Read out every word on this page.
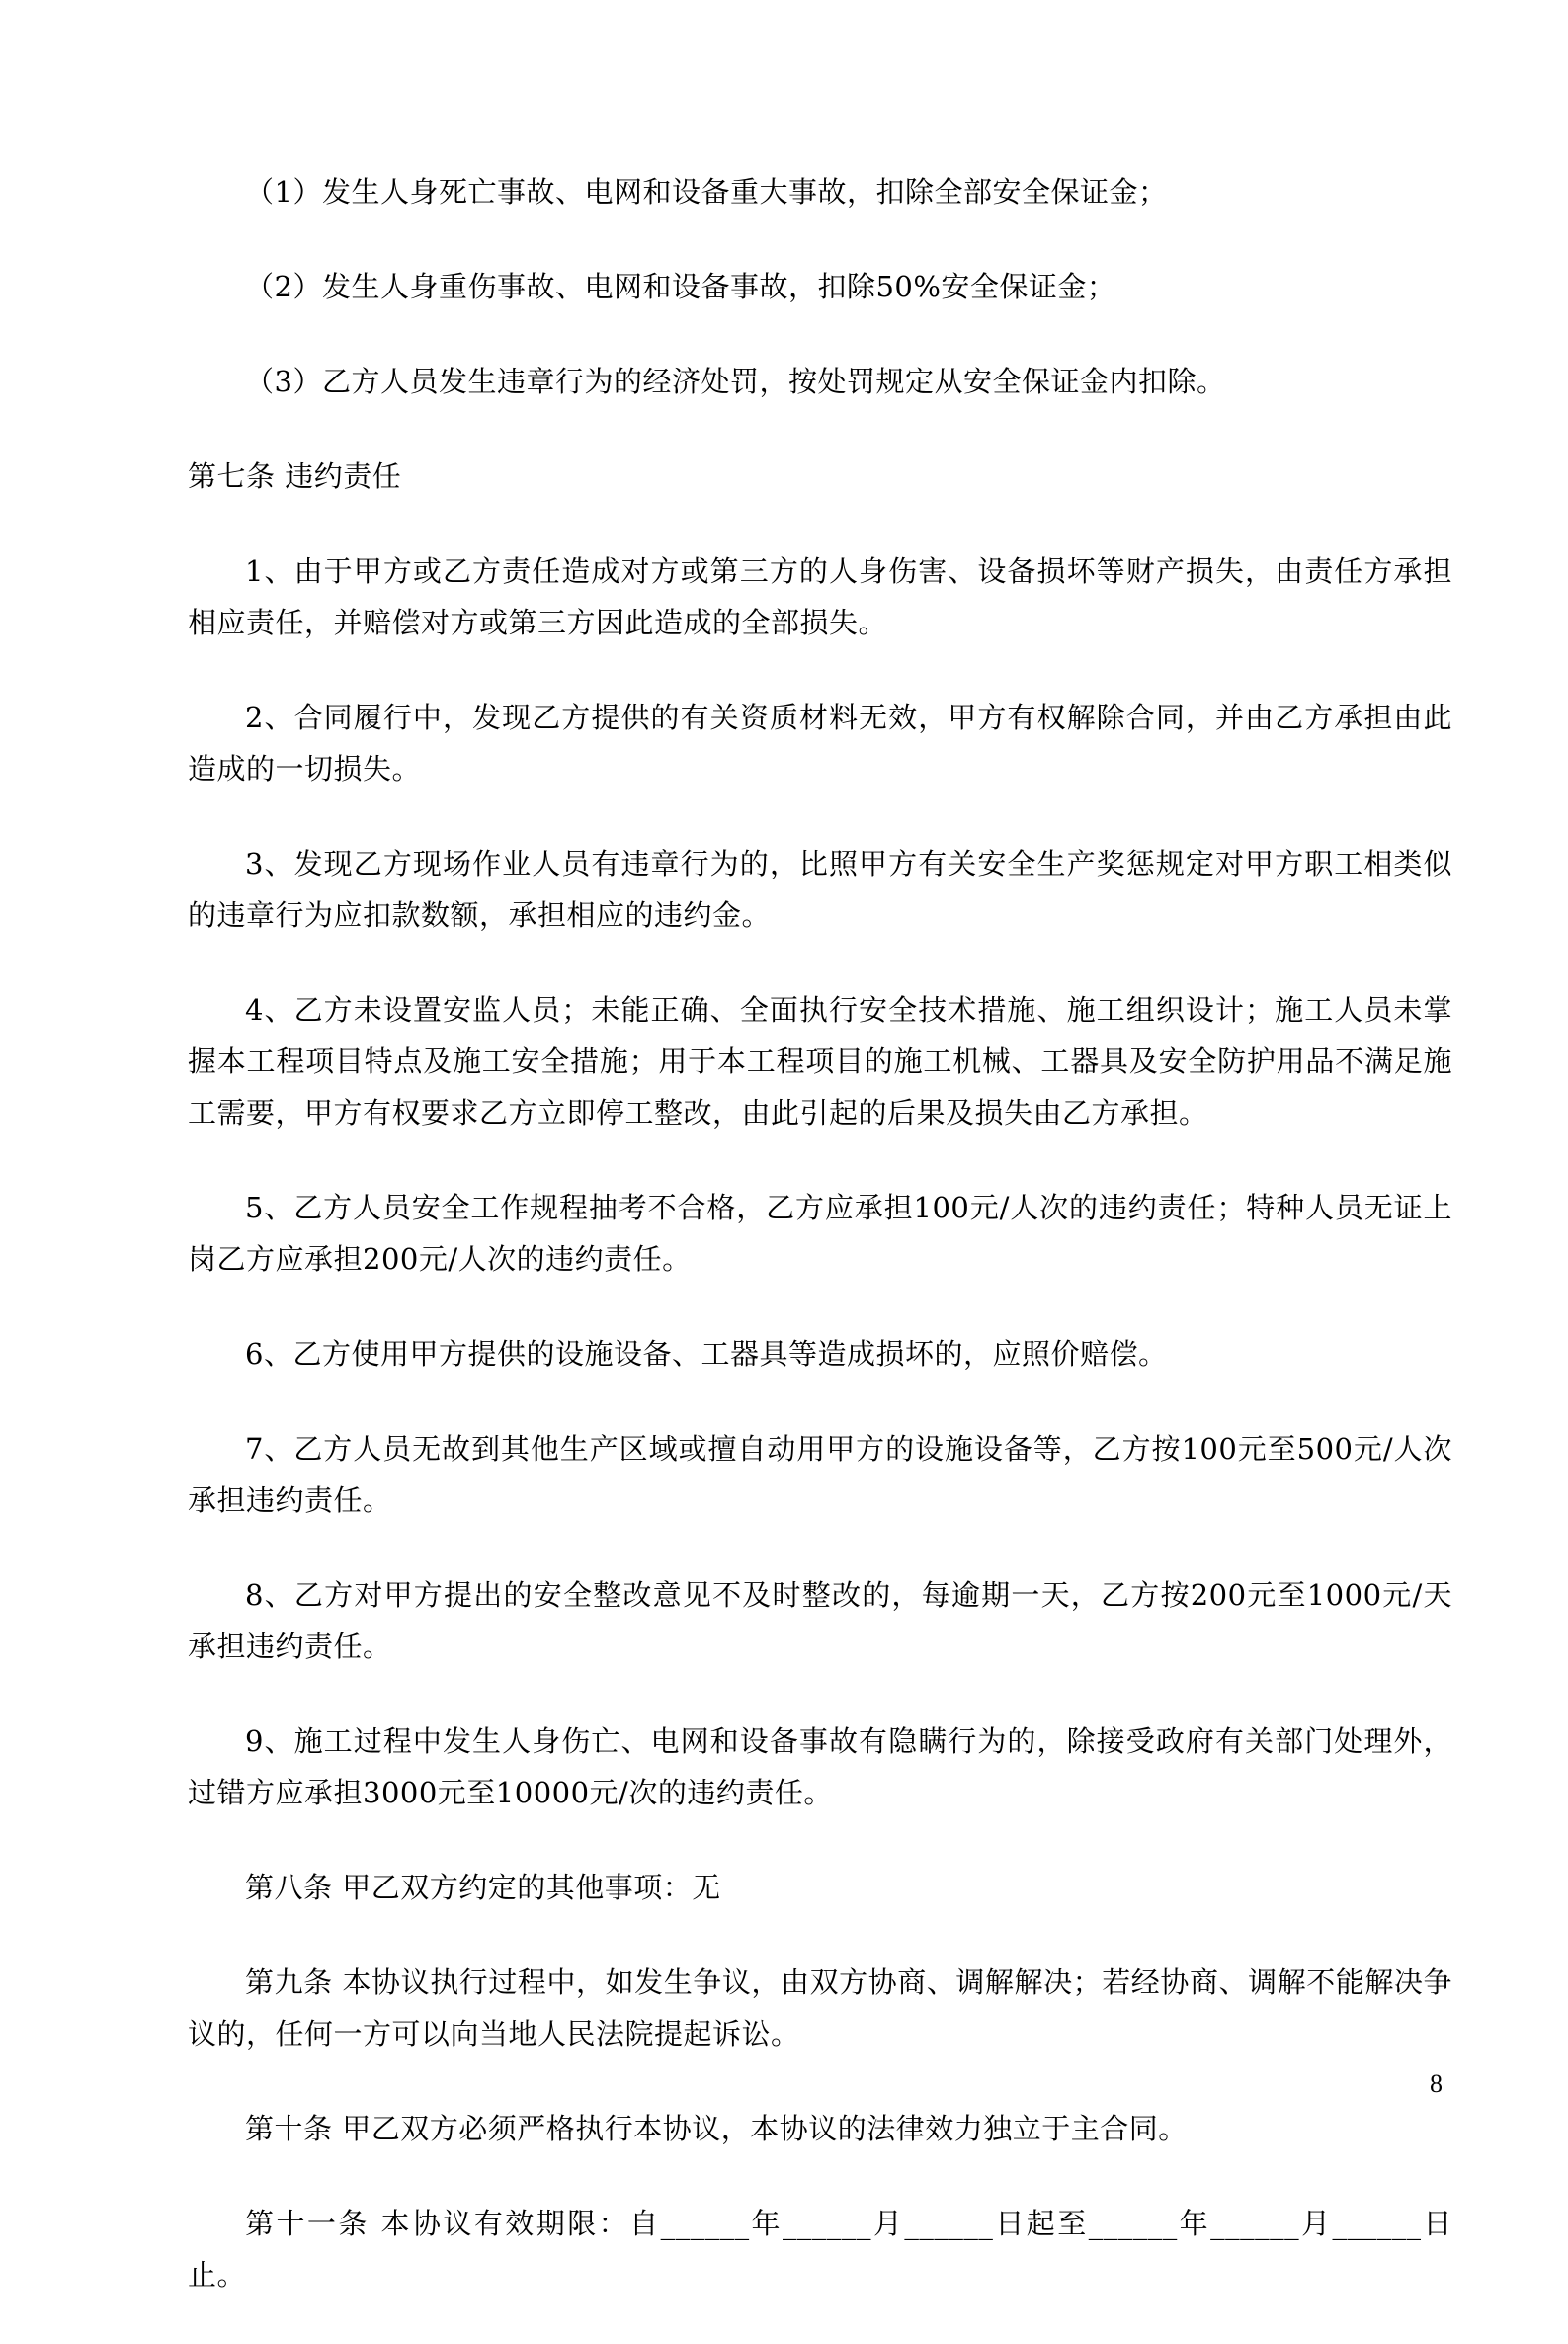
（1）发生人身死亡事故、电网和设备重大事故，扣除全部安全保证金；

（2）发生人身重伤事故、电网和设备事故，扣除50%安全保证金；

（3）乙方人员发生违章行为的经济处罚，按处罚规定从安全保证金内扣除。

第七条 违约责任

1、由于甲方或乙方责任造成对方或第三方的人身伤害、设备损坏等财产损失，由责任方承担相应责任，并赔偿对方或第三方因此造成的全部损失。

2、合同履行中，发现乙方提供的有关资质材料无效，甲方有权解除合同，并由乙方承担由此造成的一切损失。

3、发现乙方现场作业人员有违章行为的，比照甲方有关安全生产奖惩规定对甲方职工相类似的违章行为应扣款数额，承担相应的违约金。

4、乙方未设置安监人员；未能正确、全面执行安全技术措施、施工组织设计；施工人员未掌握本工程项目特点及施工安全措施；用于本工程项目的施工机械、工器具及安全防护用品不满足施工需要，甲方有权要求乙方立即停工整改，由此引起的后果及损失由乙方承担。

5、乙方人员安全工作规程抽考不合格，乙方应承担100元/人次的违约责任；特种人员无证上岗乙方应承担200元/人次的违约责任。

6、乙方使用甲方提供的设施设备、工器具等造成损坏的，应照价赔偿。

7、乙方人员无故到其他生产区域或擅自动用甲方的设施设备等，乙方按100元至500元/人次承担违约责任。

8、乙方对甲方提出的安全整改意见不及时整改的，每逾期一天，乙方按200元至1000元/天承担违约责任。

9、施工过程中发生人身伤亡、电网和设备事故有隐瞒行为的，除接受政府有关部门处理外，过错方应承担3000元至10000元/次的违约责任。

第八条 甲乙双方约定的其他事项：无

第九条 本协议执行过程中，如发生争议，由双方协商、调解解决；若经协商、调解不能解决争议的，任何一方可以向当地人民法院提起诉讼。

第十条 甲乙双方必须严格执行本协议，本协议的法律效力独立于主合同。

第十一条 本协议有效期限：自______年______月______日起至______年______月______日止。

8
